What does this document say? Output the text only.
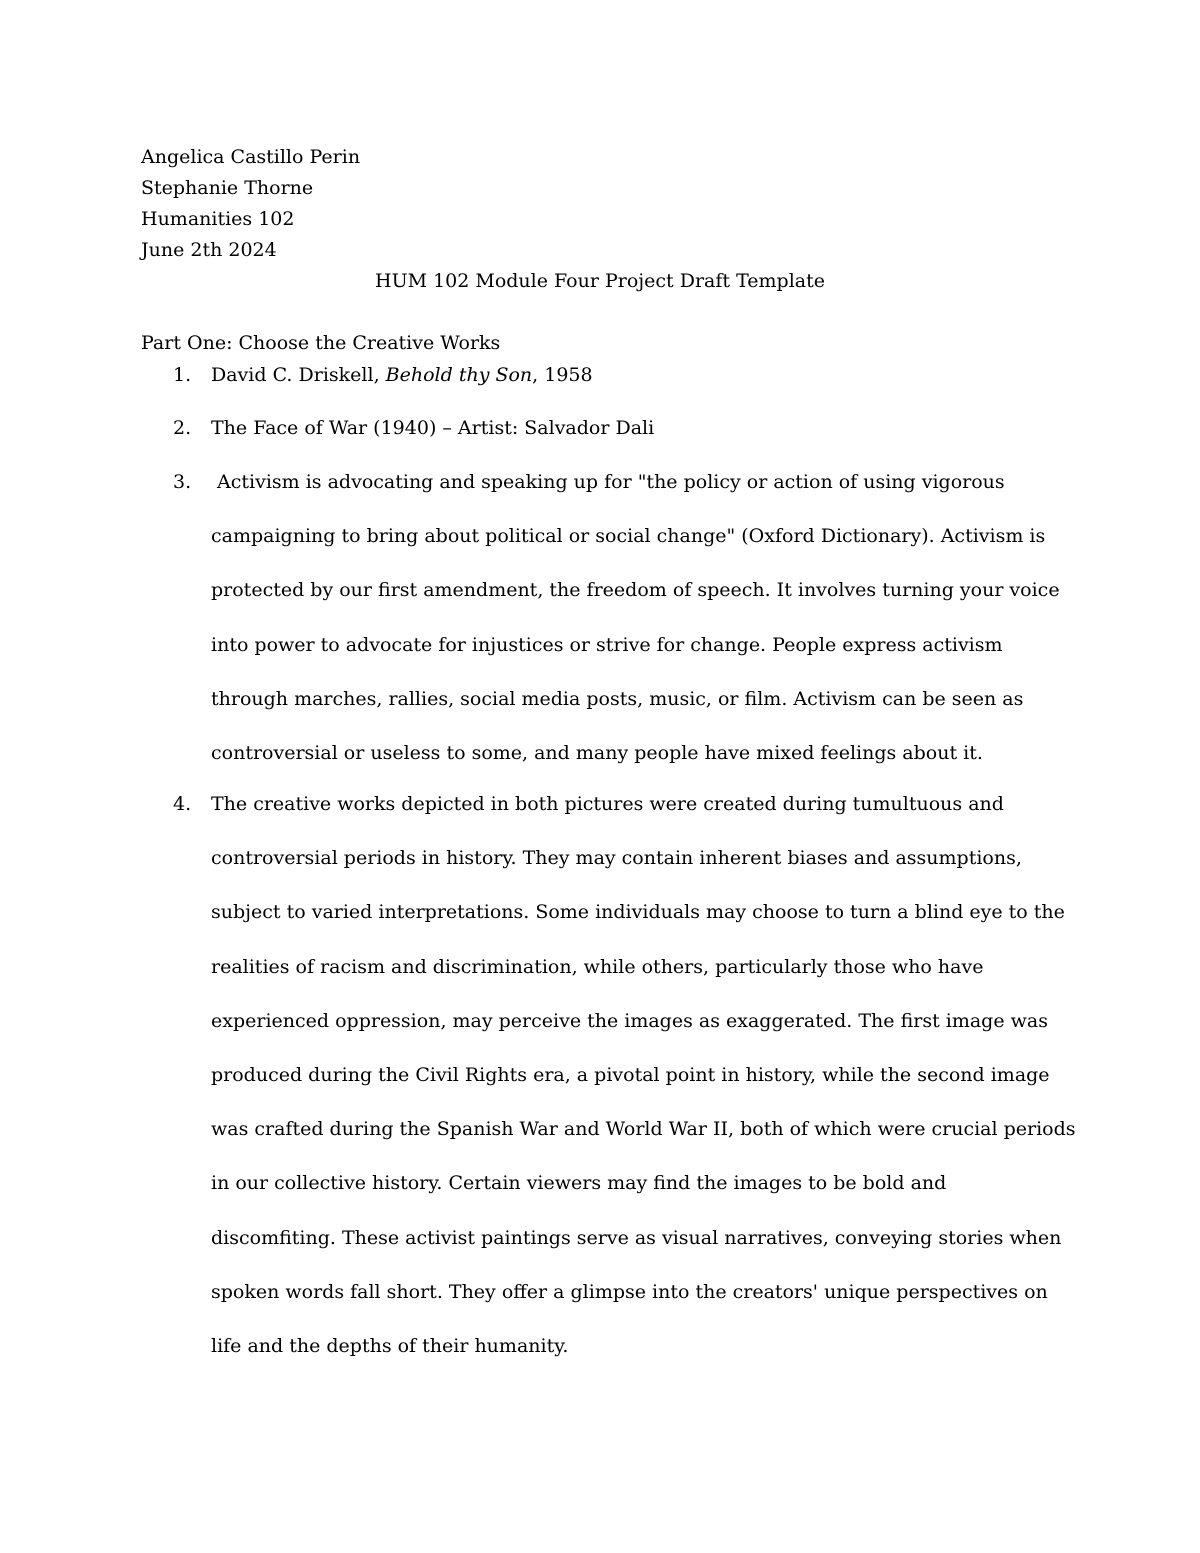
Angelica Castillo Perin
Stephanie Thorne
Humanities 102
June 2th 2024
HUM 102 Module Four Project Draft Template
Part One: Choose the Creative Works
1. David C. Driskell, Behold thy Son, 1958
2. The Face of War (1940) – Artist: Salvador Dali
3. Activism is advocating and speaking up for "the policy or action of using vigorous
campaigning to bring about political or social change" (Oxford Dictionary). Activism is
protected by our first amendment, the freedom of speech. It involves turning your voice
into power to advocate for injustices or strive for change. People express activism
through marches, rallies, social media posts, music, or film. Activism can be seen as
controversial or useless to some, and many people have mixed feelings about it.
4. The creative works depicted in both pictures were created during tumultuous and
controversial periods in history. They may contain inherent biases and assumptions,
subject to varied interpretations. Some individuals may choose to turn a blind eye to the
realities of racism and discrimination, while others, particularly those who have
experienced oppression, may perceive the images as exaggerated. The first image was
produced during the Civil Rights era, a pivotal point in history, while the second image
was crafted during the Spanish War and World War II, both of which were crucial periods
in our collective history. Certain viewers may find the images to be bold and
discomfiting. These activist paintings serve as visual narratives, conveying stories when
spoken words fall short. They offer a glimpse into the creators' unique perspectives on
life and the depths of their humanity.
